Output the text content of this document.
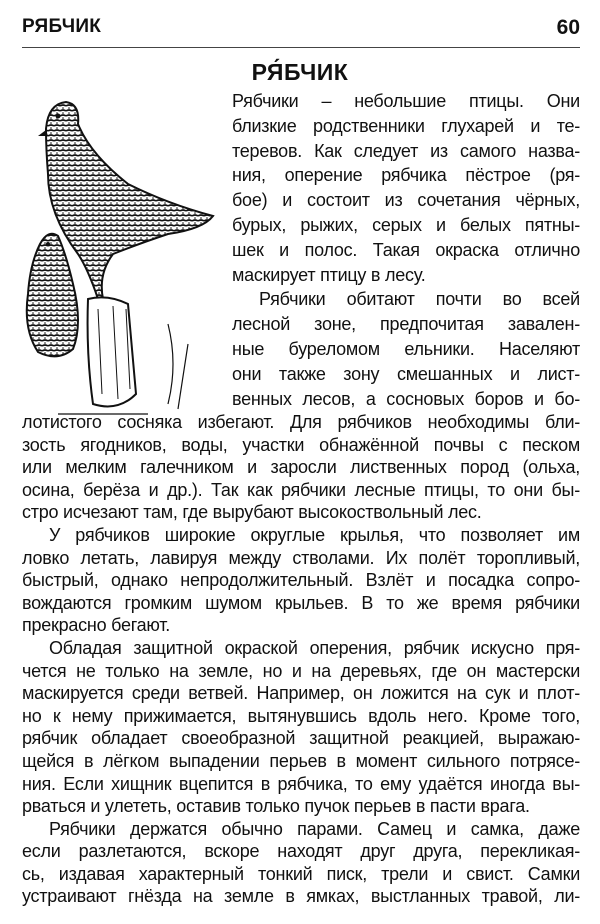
РЯБЧИК	60
РЯ́БЧИК
Рябчики – небольшие птицы. Они
близкие родственники глухарей и те-
теревов. Как следует из самого назва-
ния, оперение рябчика пёстрое (ря-
бое) и состоит из сочетания чёрных,
бурых, рыжих, серых и белых пятны-
шек и полос. Такая окраска отлично
маскирует птицу в лесу.
Рябчики обитают почти во всей
лесной зоне, предпочитая завален-
ные буреломом ельники. Населяют
они также зону смешанных и лист-
венных лесов, а сосновых боров и бо-
лотистого сосняка избегают. Для рябчиков необходимы бли-
зость ягодников, воды, участки обнажённой почвы с песком
или мелким галечником и заросли лиственных пород (ольха,
осина, берёза и др.). Так как рябчики лесные птицы, то они бы-
стро исчезают там, где вырубают высокоствольный лес.
У рябчиков широкие округлые крылья, что позволяет им
ловко летать, лавируя между стволами. Их полёт торопливый,
быстрый, однако непродолжительный. Взлёт и посадка сопро-
вождаются громким шумом крыльев. В то же время рябчики
прекрасно бегают.
Обладая защитной окраской оперения, рябчик искусно пря-
чется не только на земле, но и на деревьях, где он мастерски
маскируется среди ветвей. Например, он ложится на сук и плот-
но к нему прижимается, вытянувшись вдоль него. Кроме того,
рябчик обладает своеобразной защитной реакцией, выражаю-
щейся в лёгком выпадении перьев в момент сильного потрясе-
ния. Если хищник вцепится в рябчика, то ему удаётся иногда вы-
рваться и улететь, оставив только пучок перьев в пасти врага.
Рябчики держатся обычно парами. Самец и самка, даже
если разлетаются, вскоре находят друг друга, перекликая-
сь, издавая характерный тонкий писк, трели и свист. Самки
устраивают гнёзда на земле в ямках, выстланных травой, ли-
